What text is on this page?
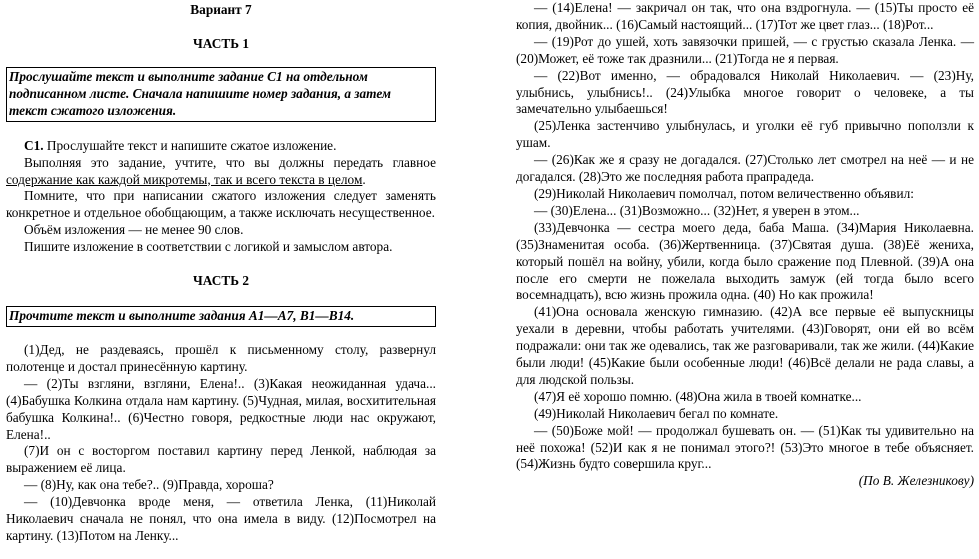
Вариант 7
ЧАСТЬ 1
Прослушайте текст и выполните задание С1 на отдельном подписанном листе. Сначала напишите номер задания, а затем текст сжатого изложения.

С1. Прослушайте текст и напишите сжатое изложение.

Выполняя это задание, учтите, что вы должны передать главное содержание как каждой микротемы, так и всего текста в целом.

Помните, что при написании сжатого изложения следует заменять конкретное и отдельное обобщающим, а также исключать несущественное.

Объём изложения — не менее 90 слов.

Пишите изложение в соответствии с логикой и замыслом автора.

ЧАСТЬ 2
Прочтите текст и выполните задания А1—А7, В1—В14.

(1)Дед, не раздеваясь, прошёл к письменному столу, развернул полотенце и достал принесённую картину.

— (2)Ты взгляни, взгляни, Елена!.. (3)Какая неожиданная удача... (4)Бабушка Колкина отдала нам картину. (5)Чудная, милая, восхитительная бабушка Колкина!.. (6)Честно говоря, редкостные люди нас окружают, Елена!..

(7)И он с восторгом поставил картину перед Ленкой, наблюдая за выражением её лица.

— (8)Ну, как она тебе?.. (9)Правда, хороша?

— (10)Девчонка вроде меня, — ответила Ленка, (11)Николай Николаевич сначала не понял, что она имела в виду. (12)Посмотрел на картину. (13)Потом на Ленку...

— (14)Елена! — закричал он так, что она вздрогнула. — (15)Ты просто её копия, двойник... (16)Самый настоящий... (17)Тот же цвет глаз... (18)Рот...

— (19)Рот до ушей, хоть завязочки пришей, — с грустью сказала Ленка. — (20)Может, её тоже так дразнили... (21)Тогда не я первая.

— (22)Вот именно, — обрадовался Николай Николаевич. — (23)Ну, улыбнись, улыбнись!.. (24)Улыбка многое говорит о человеке, а ты замечательно улыбаешься!

(25)Ленка застенчиво улыбнулась, и уголки её губ привычно поползли к ушам.

— (26)Как же я сразу не догадался. (27)Столько лет смотрел на неё — и не догадался. (28)Это же последняя работа прапрадеда.

(29)Николай Николаевич помолчал, потом величественно объявил:

— (30)Елена... (31)Возможно... (32)Нет, я уверен в этом...

(33)Девчонка — сестра моего деда, баба Маша. (34)Мария Николаевна. (35)Знаменитая особа. (36)Жертвенница. (37)Святая душа. (38)Её жениха, который пошёл на войну, убили, когда было сражение под Плевной. (39)А она после его смерти не пожелала выходить замуж (ей тогда было всего восемнадцать), всю жизнь прожила одна. (40) Но как прожила!

(41)Она основала женскую гимназию. (42)А все первые её выпускницы уехали в деревни, чтобы работать учителями. (43)Говорят, они ей во всём подражали: они так же одевались, так же разговаривали, так же жили. (44)Какие были люди! (45)Какие были особенные люди! (46)Всё делали не рада славы, а для людской пользы.

(47)Я её хорошо помню. (48)Она жила в твоей комнатке...

(49)Николай Николаевич бегал по комнате.

— (50)Боже мой! — продолжал бушевать он. — (51)Как ты удивительно на неё похожа! (52)И как я не понимал этого?! (53)Это многое в тебе объясняет. (54)Жизнь будто совершила круг...

(По В. Железникову)
